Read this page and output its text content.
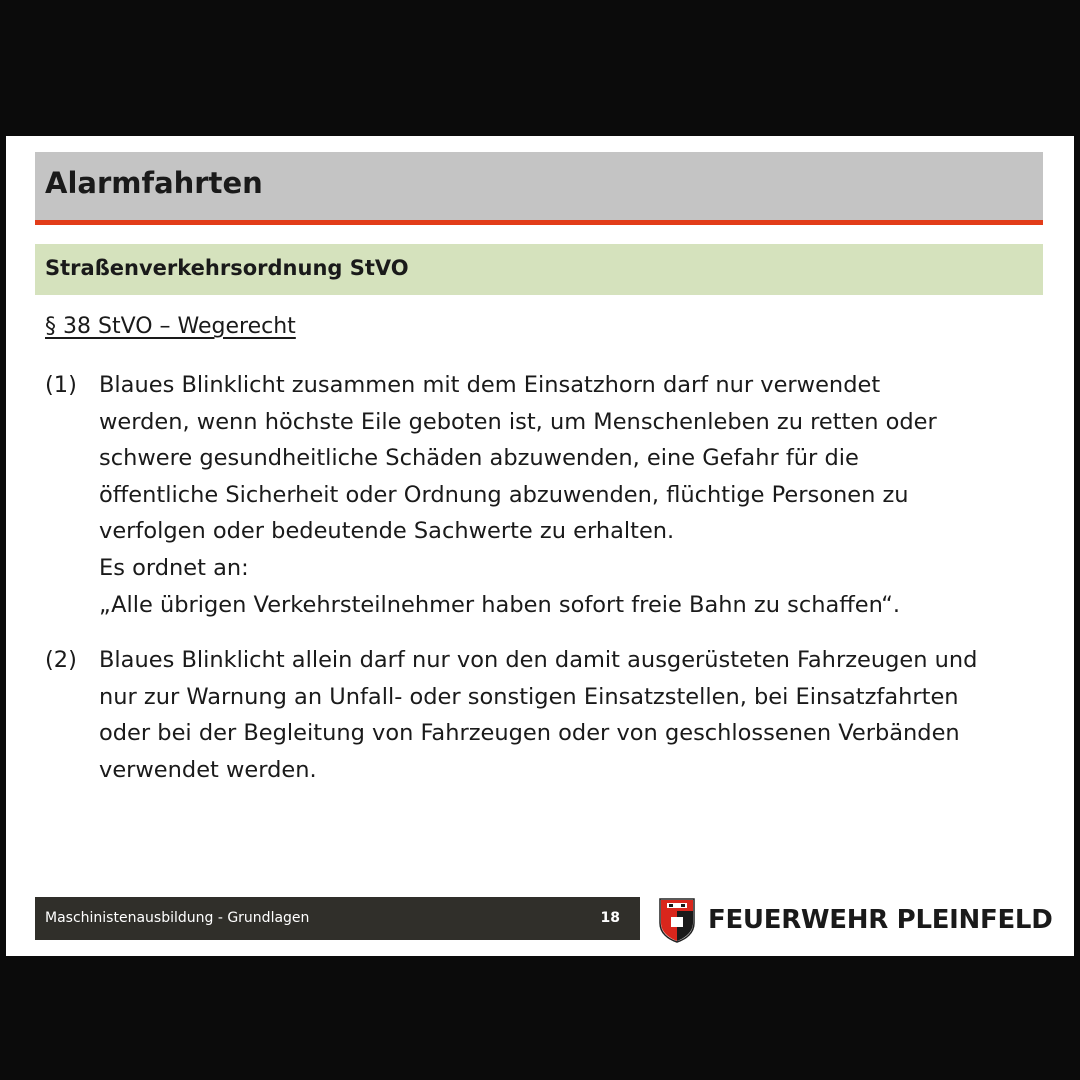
Alarmfahrten
Straßenverkehrsordnung StVO
§ 38 StVO – Wegerecht
(1) Blaues Blinklicht zusammen mit dem Einsatzhorn darf nur verwendet
werden, wenn höchste Eile geboten ist, um Menschenleben zu retten oder
schwere gesundheitliche Schäden abzuwenden, eine Gefahr für die
öffentliche Sicherheit oder Ordnung abzuwenden, flüchtige Personen zu
verfolgen oder bedeutende Sachwerte zu erhalten.
Es ordnet an:
„Alle übrigen Verkehrsteilnehmer haben sofort freie Bahn zu schaffen“.
(2) Blaues Blinklicht allein darf nur von den damit ausgerüsteten Fahrzeugen und
nur zur Warnung an Unfall- oder sonstigen Einsatzstellen, bei Einsatzfahrten
oder bei der Begleitung von Fahrzeugen oder von geschlossenen Verbänden
verwendet werden.
Maschinistenausbildung - Grundlagen	18	FEUERWEHR PLEINFELD
